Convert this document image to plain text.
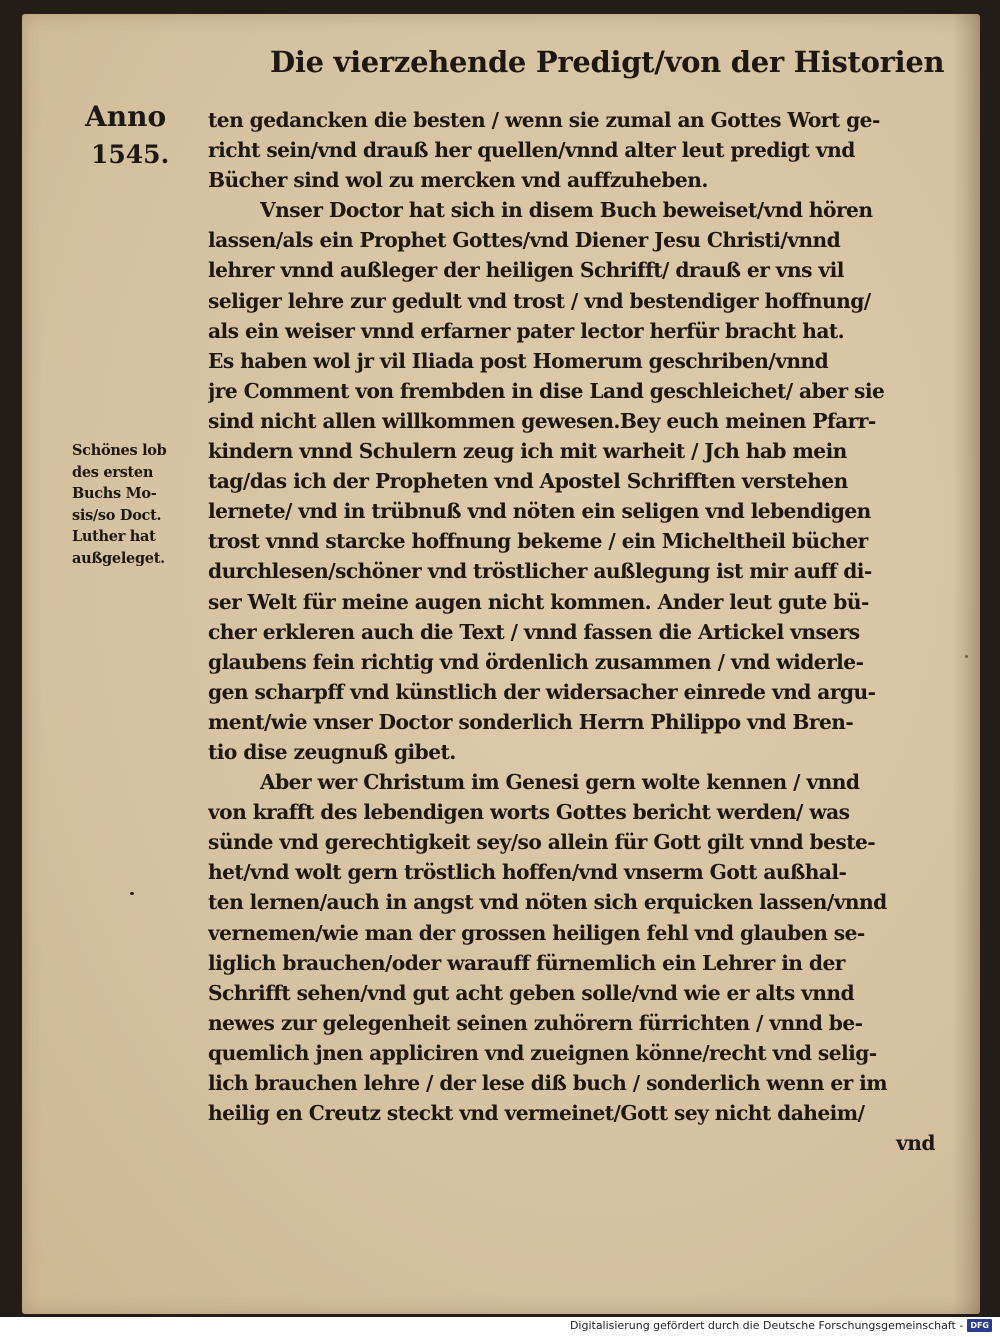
Die vierzehende Predigt/von der Historien
Anno
1545.
Schönes lob
des ersten
Buchs Mo-
sis/so Doct.
Luther hat
außgeleget.
ten gedancken die besten / wenn sie zumal an Gottes Wort ge-
richt sein/vnd drauß her quellen/vnnd alter leut predigt vnd
Bücher sind wol zu mercken vnd auffzuheben.
Vnser Doctor hat sich in disem Buch beweiset/vnd hören
lassen/als ein Prophet Gottes/vnd Diener Jesu Christi/vnnd
lehrer vnnd außleger der heiligen Schrifft/ drauß er vns vil
seliger lehre zur gedult vnd trost / vnd bestendiger hoffnung/
als ein weiser vnnd erfarner pater lector herfür bracht hat.
Es haben wol jr vil Iliada post Homerum geschriben/vnnd
jre Comment von frembden in dise Land geschleichet/ aber sie
sind nicht allen willkommen gewesen.Bey euch meinen Pfarr-
kindern vnnd Schulern zeug ich mit warheit / Jch hab mein
tag/das ich der Propheten vnd Apostel Schrifften verstehen
lernete/ vnd in trübnuß vnd nöten ein seligen vnd lebendigen
trost vnnd starcke hoffnung bekeme / ein Micheltheil bücher
durchlesen/schöner vnd tröstlicher außlegung ist mir auff di-
ser Welt für meine augen nicht kommen. Ander leut gute bü-
cher erkleren auch die Text / vnnd fassen die Artickel vnsers
glaubens fein richtig vnd ördenlich zusammen / vnd widerle-
gen scharpff vnd künstlich der widersacher einrede vnd argu-
ment/wie vnser Doctor sonderlich Herrn Philippo vnd Bren-
tio dise zeugnuß gibet.
Aber wer Christum im Genesi gern wolte kennen / vnnd
von krafft des lebendigen worts Gottes bericht werden/ was
sünde vnd gerechtigkeit sey/so allein für Gott gilt vnnd beste-
het/vnd wolt gern tröstlich hoffen/vnd vnserm Gott außhal-
ten lernen/auch in angst vnd nöten sich erquicken lassen/vnnd
vernemen/wie man der grossen heiligen fehl vnd glauben se-
liglich brauchen/oder warauff fürnemlich ein Lehrer in der
Schrifft sehen/vnd gut acht geben solle/vnd wie er alts vnnd
newes zur gelegenheit seinen zuhörern fürrichten / vnnd be-
quemlich jnen appliciren vnd zueignen könne/recht vnd selig-
lich brauchen lehre / der lese diß buch / sonderlich wenn er im
heilig en Creutz steckt vnd vermeinet/Gott sey nicht daheim/
vnd
Digitalisierung gefördert durch die Deutsche Forschungsgemeinschaft - DFG
